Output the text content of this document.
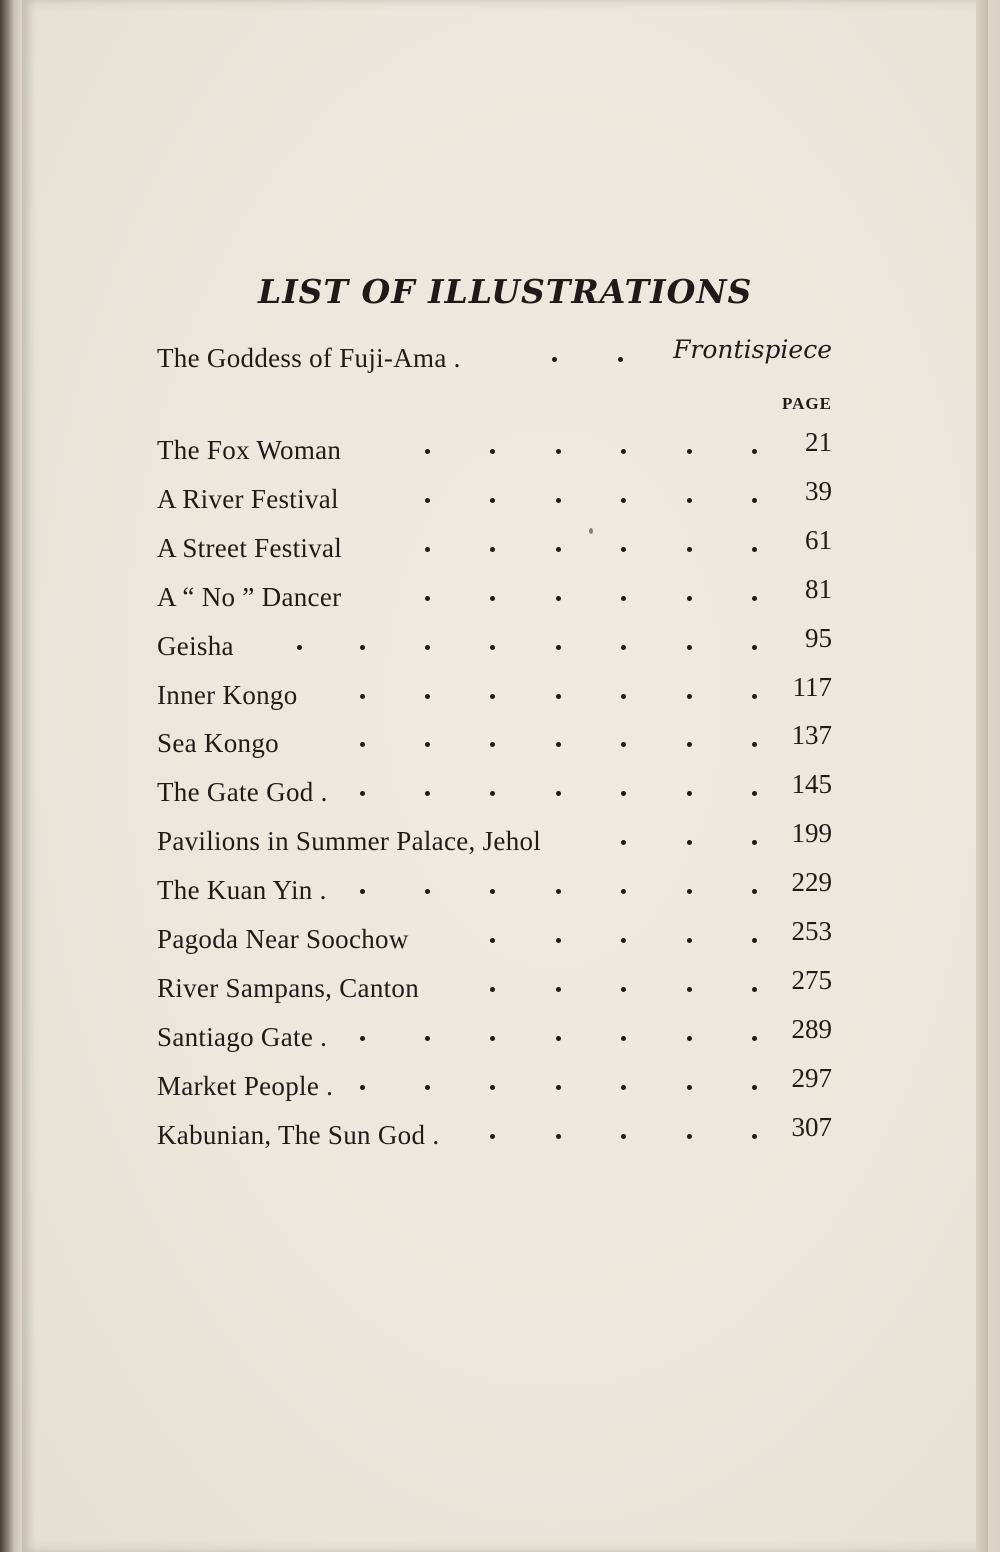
LIST OF ILLUSTRATIONS
The Goddess of Fuji-Ama .	Frontispiece
PAGE
The Fox Woman	21
A River Festival	39
A Street Festival	61
A “ No ” Dancer	81
Geisha	95
Inner Kongo	117
Sea Kongo	137
The Gate God .	145
Pavilions in Summer Palace, Jehol	199
The Kuan Yin .	229
Pagoda Near Soochow	253
River Sampans, Canton	275
Santiago Gate .	289
Market People .	297
Kabunian, The Sun God .	307
